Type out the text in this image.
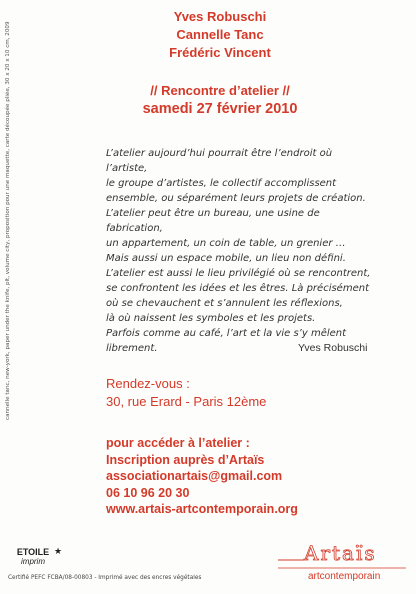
cannelle tanc, new-york, paper under the knife, plt, volume city, proposition pour une maquette, carte découpée pliée, 30 x 20 x 10 cm, 2009
Yves Robuschi
Cannelle Tanc
Frédéric Vincent
// Rencontre d’atelier //
samedi 27 février 2010

L’atelier aujourd’hui pourrait être l’endroit où l’artiste,

le groupe d’artistes, le collectif accomplissent

ensemble, ou séparément leurs projets de création.

L’atelier peut être un bureau, une usine de fabrication,

un appartement, un coin de table, un grenier …

Mais aussi un espace mobile, un lieu non défini.

L’atelier est aussi le lieu privilégié où se rencontrent,

se confrontent les idées et les êtres. Là précisément

où se chevauchent et s’annulent les réflexions,

là où naissent les symboles et les projets.

Parfois comme au café, l’art et la vie s’y mêlent

librement.	Yves Robuschi
Rendez-vous :
30, rue Erard - Paris 12ème
pour accéder à l’atelier :
Inscription auprès d’Artaïs
associationartais@gmail.com
06 10 96 20 30
www.artais-artcontemporain.org
ETOILE
imprim
★
Certifié PEFC FCBA/08-00803 - Imprimé avec des encres végétales
Artaïs
artcontemporain
